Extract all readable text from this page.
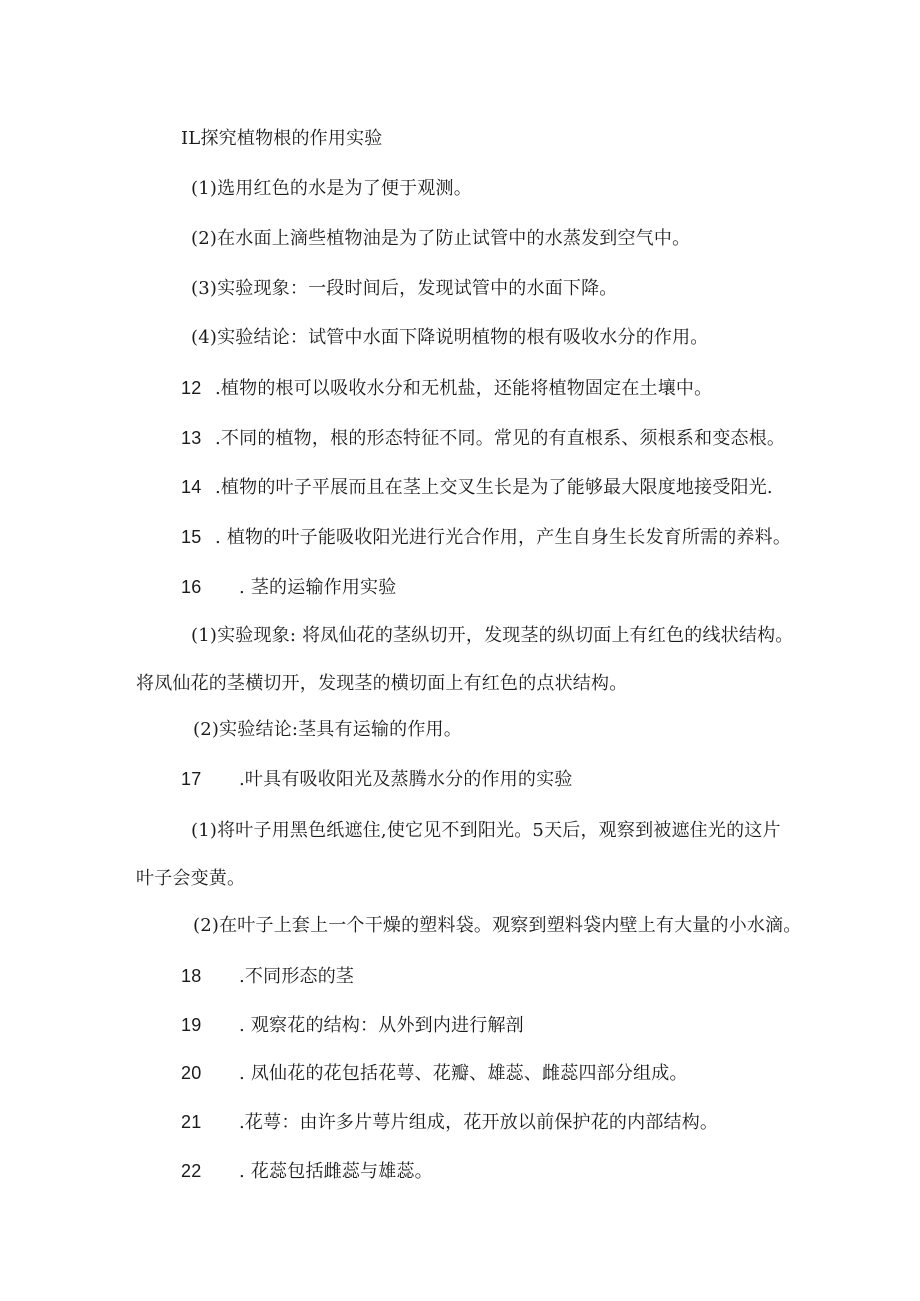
IL探究植物根的作用实验
(1)选用红色的水是为了便于观测。
(2)在水面上滴些植物油是为了防止试管中的水蒸发到空气中。
(3)实验现象：一段时间后，发现试管中的水面下降。
(4)实验结论：试管中水面下降说明植物的根有吸收水分的作用。
12 .植物的根可以吸收水分和无机盐，还能将植物固定在土壤中。
13 .不同的植物，根的形态特征不同。常见的有直根系、须根系和变态根。
14 .植物的叶子平展而且在茎上交叉生长是为了能够最大限度地接受阳光.
15 . 植物的叶子能吸收阳光进行光合作用，产生自身生长发育所需的养料。
16 . 茎的运输作用实验
(1)实验现象: 将凤仙花的茎纵切开，发现茎的纵切面上有红色的线状结构。
将凤仙花的茎横切开，发现茎的横切面上有红色的点状结构。
(2)实验结论:茎具有运输的作用。
17 .叶具有吸收阳光及蒸腾水分的作用的实验
(1)将叶子用黑色纸遮住,使它见不到阳光。5天后，观察到被遮住光的这片
叶子会变黄。
(2)在叶子上套上一个干燥的塑料袋。观察到塑料袋内壁上有大量的小水滴。
18 .不同形态的茎
19 . 观察花的结构：从外到内进行解剖
20 . 凤仙花的花包括花萼、花瓣、雄蕊、雌蕊四部分组成。
21 .花萼：由许多片萼片组成，花开放以前保护花的内部结构。
22 . 花蕊包括雌蕊与雄蕊。
